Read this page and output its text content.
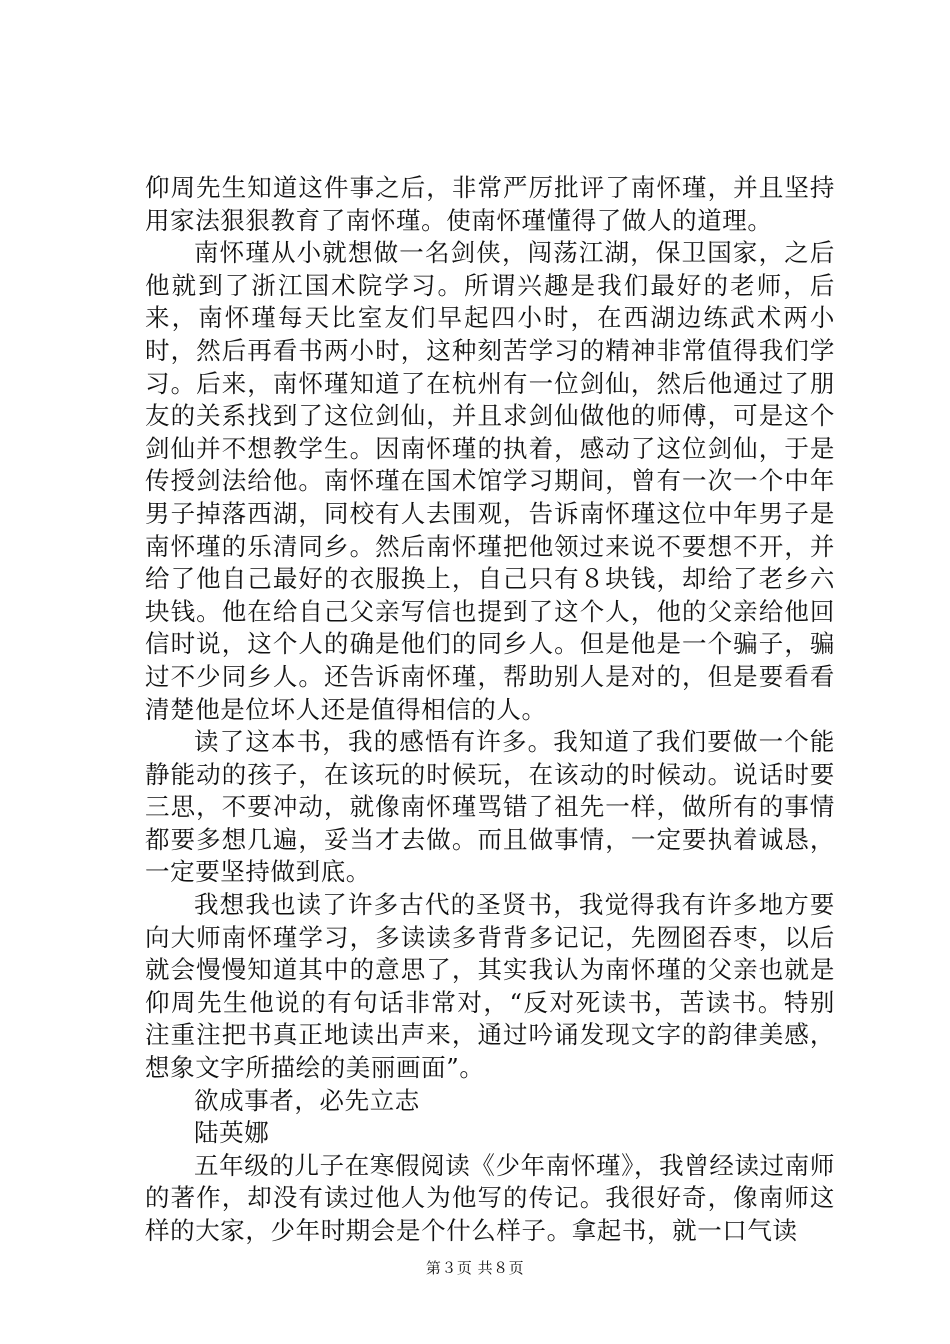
仰周先生知道这件事之后，非常严厉批评了南怀瑾，并且坚持用家法狠狠教育了南怀瑾。使南怀瑾懂得了做人的道理。

南怀瑾从小就想做一名剑侠，闯荡江湖，保卫国家，之后他就到了浙江国术院学习。所谓兴趣是我们最好的老师，后来，南怀瑾每天比室友们早起四小时，在西湖边练武术两小时，然后再看书两小时，这种刻苦学习的精神非常值得我们学习。后来，南怀瑾知道了在杭州有一位剑仙，然后他通过了朋友的关系找到了这位剑仙，并且求剑仙做他的师傅，可是这个剑仙并不想教学生。因南怀瑾的执着，感动了这位剑仙，于是传授剑法给他。南怀瑾在国术馆学习期间，曾有一次一个中年男子掉落西湖，同校有人去围观，告诉南怀瑾这位中年男子是南怀瑾的乐清同乡。然后南怀瑾把他领过来说不要想不开，并给了他自己最好的衣服换上，自己只有８块钱，却给了老乡六块钱。他在给自己父亲写信也提到了这个人，他的父亲给他回信时说，这个人的确是他们的同乡人。但是他是一个骗子，骗过不少同乡人。还告诉南怀瑾，帮助别人是对的，但是要看看清楚他是位坏人还是值得相信的人。

读了这本书，我的感悟有许多。我知道了我们要做一个能静能动的孩子，在该玩的时候玩，在该动的时候动。说话时要三思，不要冲动，就像南怀瑾骂错了祖先一样，做所有的事情都要多想几遍，妥当才去做。而且做事情，一定要执着诚恳，一定要坚持做到底。

我想我也读了许多古代的圣贤书，我觉得我有许多地方要向大师南怀瑾学习，多读读多背背多记记，先囫囵吞枣，以后就会慢慢知道其中的意思了，其实我认为南怀瑾的父亲也就是仰周先生他说的有句话非常对，“反对死读书，苦读书。特别注重注把书真正地读出声来，通过吟诵发现文字的韵律美感，想象文字所描绘的美丽画面”。

欲成事者，必先立志

陆英娜

五年级的儿子在寒假阅读《少年南怀瑾》，我曾经读过南师的著作，却没有读过他人为他写的传记。我很好奇，像南师这样的大家，少年时期会是个什么样子。拿起书，就一口气读

第３页 共８页
